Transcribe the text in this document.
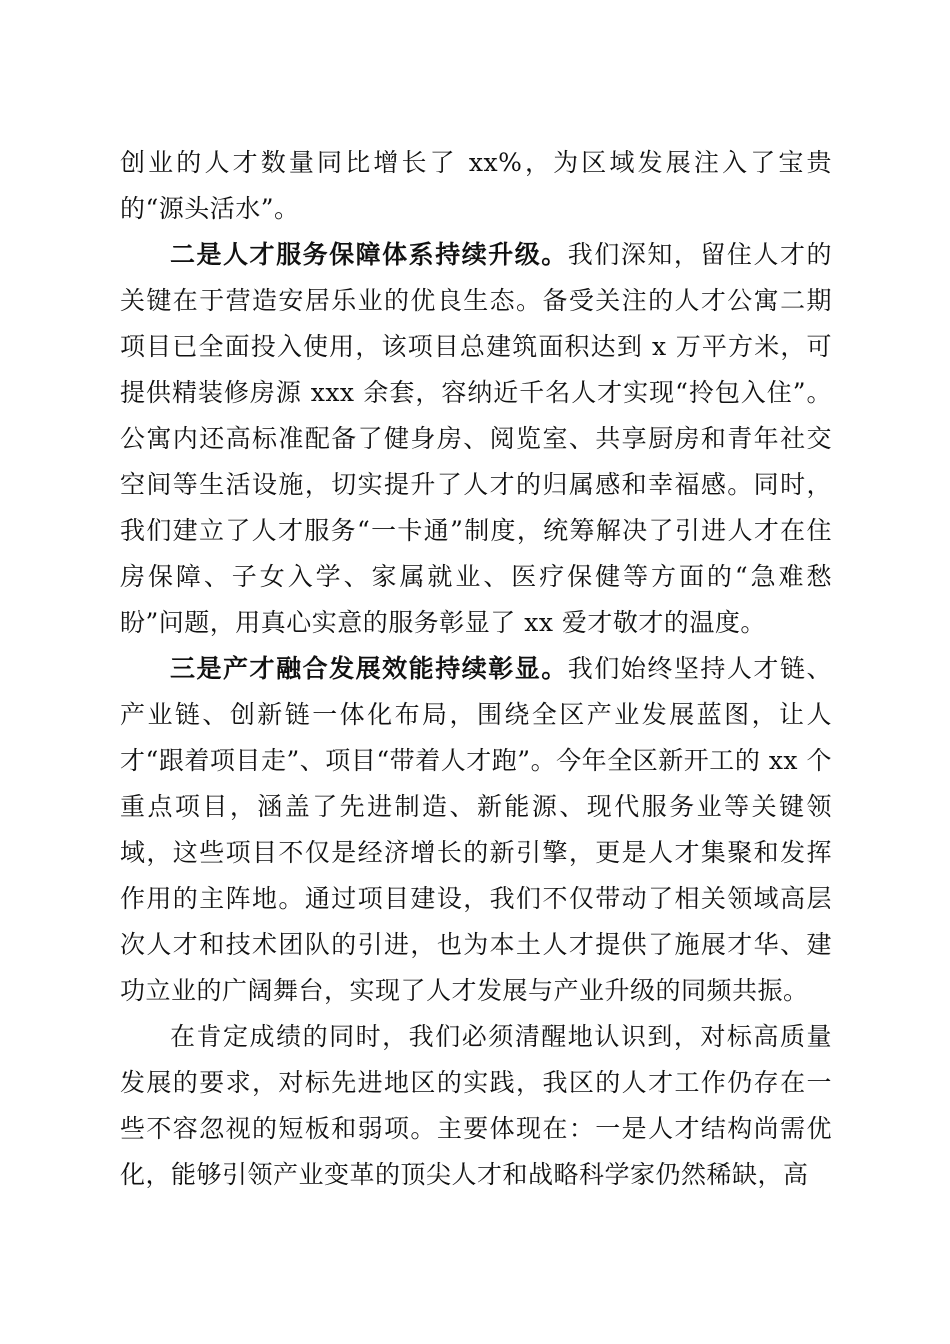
创业的人才数量同比增长了 xx%，为区域发展注入了宝贵的“源头活水”。

二是人才服务保障体系持续升级。我们深知，留住人才的关键在于营造安居乐业的优良生态。备受关注的人才公寓二期项目已全面投入使用，该项目总建筑面积达到 x 万平方米，可提供精装修房源 xxx 余套，容纳近千名人才实现“拎包入住”。公寓内还高标准配备了健身房、阅览室、共享厨房和青年社交空间等生活设施，切实提升了人才的归属感和幸福感。同时，我们建立了人才服务“一卡通”制度，统筹解决了引进人才在住房保障、子女入学、家属就业、医疗保健等方面的“急难愁盼”问题，用真心实意的服务彰显了 xx 爱才敬才的温度。

三是产才融合发展效能持续彰显。我们始终坚持人才链、产业链、创新链一体化布局，围绕全区产业发展蓝图，让人才“跟着项目走”、项目“带着人才跑”。今年全区新开工的 xx 个重点项目，涵盖了先进制造、新能源、现代服务业等关键领域，这些项目不仅是经济增长的新引擎，更是人才集聚和发挥作用的主阵地。通过项目建设，我们不仅带动了相关领域高层次人才和技术团队的引进，也为本土人才提供了施展才华、建功立业的广阔舞台，实现了人才发展与产业升级的同频共振。

在肯定成绩的同时，我们必须清醒地认识到，对标高质量发展的要求，对标先进地区的实践，我区的人才工作仍存在一些不容忽视的短板和弱项。主要体现在：一是人才结构尚需优化，能够引领产业变革的顶尖人才和战略科学家仍然稀缺，高
